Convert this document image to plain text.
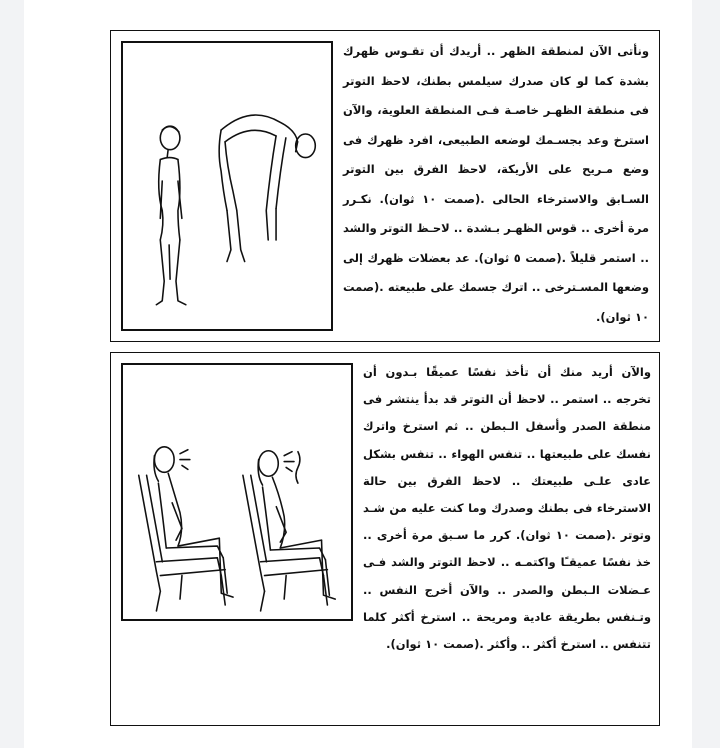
ونأتى الآن لمنطقة الظهر .. أريدك أن تقـوس ظهرك بشدة كما لو كان صدرك سيلمس بطنك، لاحظ التوتر فى منطقة الظهـر خاصـة فـى المنطقة العلوية، والآن استرخ وعد بجسـمك لوضعه الطبيعى، افرد ظهرك فى وضع مـريح على الأريكة، لاحظ الفرق بين التوتر السـابق والاسترخاء الحالى .(صمت ١٠ ثوان). نكـرر مرة أخرى .. قوس الظهـر بـشدة .. لاحـظ التوتر والشد .. استمر قليلاً .(صمت ٥ ثوان). عد بعضلات ظهرك إلى وضعها المسـترخى .. اترك جسمك على طبيعته .(صمت ١٠ ثوان).
والآن أريد منك أن تأخذ نفسًا عميقًا بـدون أن تخرجه .. استمر .. لاحظ أن التوتر قد بدأ ينتشر فى منطقة الصدر وأسفل الـبطن .. ثم استرخ واترك نفسك على طبيعتها .. تنفس الهواء .. تنفس بشكل عادى علـى طبيعتك .. لاحظ الفرق بين حالة الاسترخاء فى بطنك وصدرك وما كنت عليه من شـد وتوتر .(صمت ١٠ ثوان). كرر ما سـبق مرة أخرى .. خذ نفسًا عميقـًا واكتمـه .. لاحظ التوتر والشد فـى عـضلات الـبطن والصدر .. والآن أخرج النفس .. وتـنفس بطريقة عادية ومريحة .. استرخ أكثر كلما تتنفس .. استرخ أكثر .. وأكثر .(صمت ١٠ ثوان).
